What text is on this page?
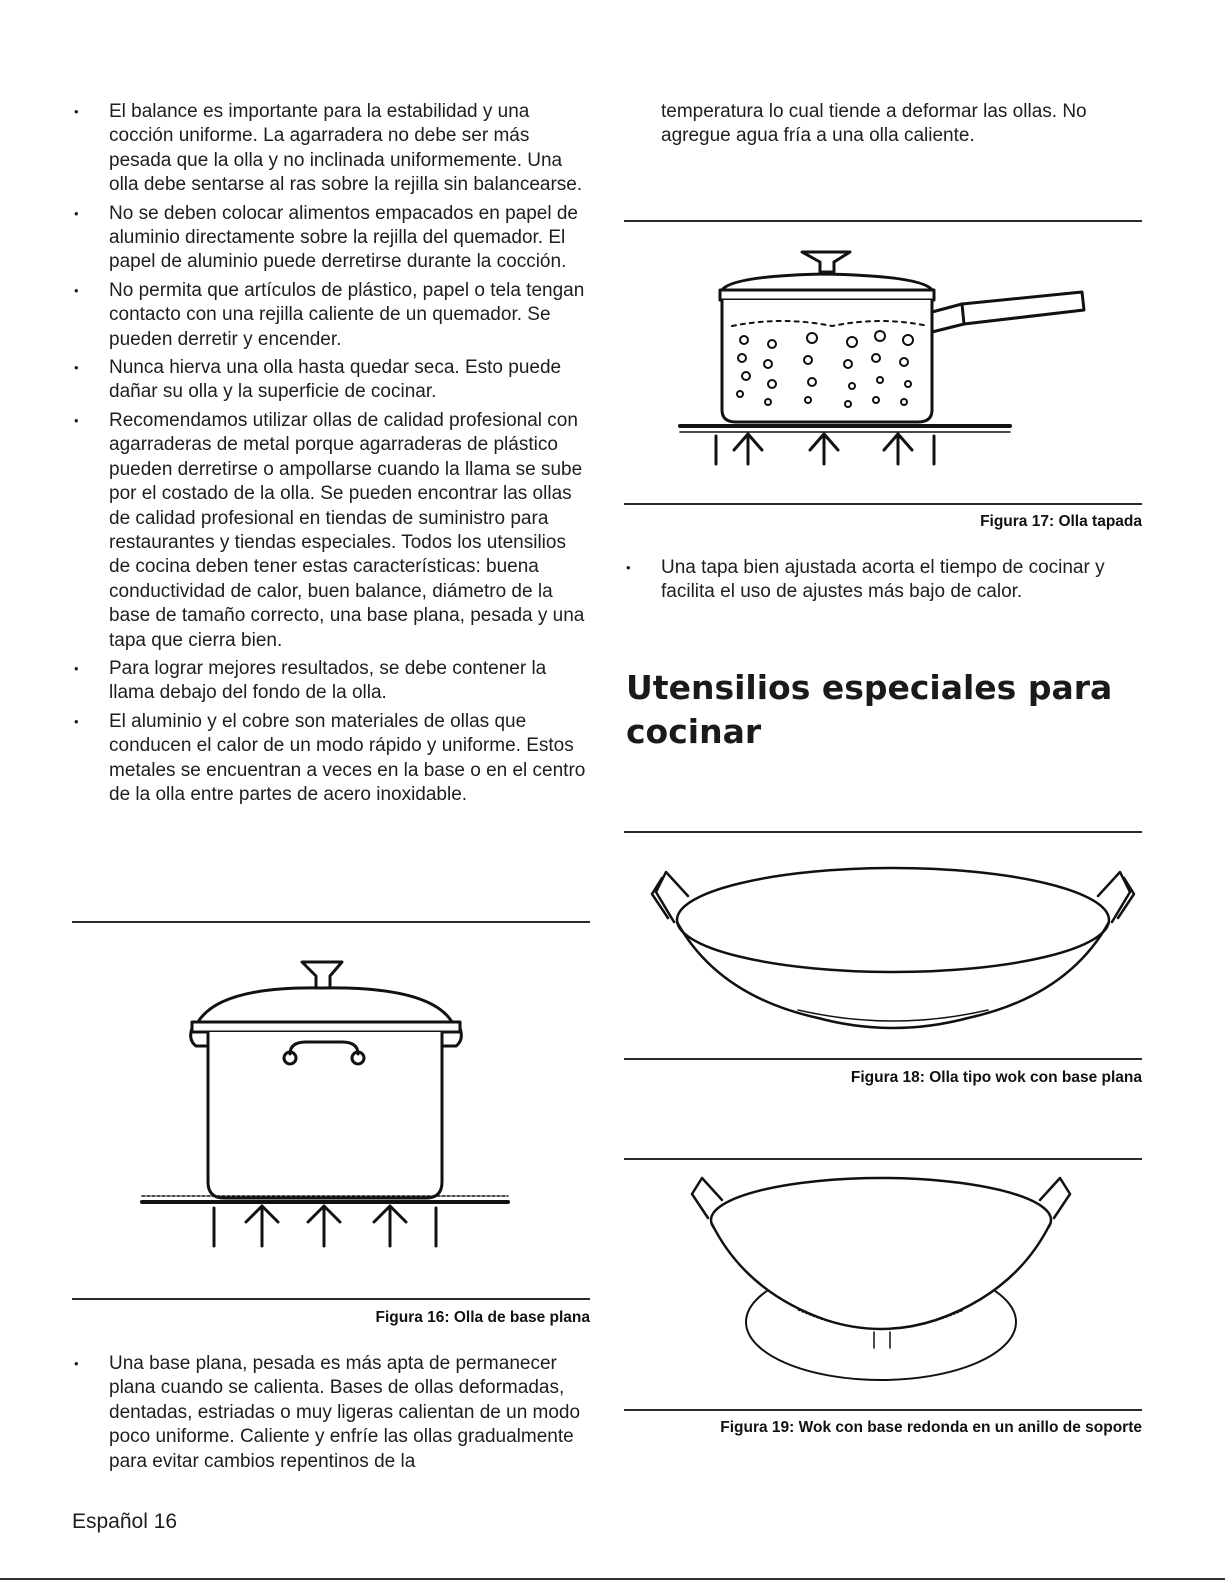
• El balance es importante para la estabilidad y una cocción uniforme. La agarradera no debe ser más pesada que la olla y no inclinada uniformemente. Una olla debe sentarse al ras sobre la rejilla sin balancearse.
• No se deben colocar alimentos empacados en papel de aluminio directamente sobre la rejilla del quemador. El papel de aluminio puede derretirse durante la cocción.
• No permita que artículos de plástico, papel o tela tengan contacto con una rejilla caliente de un quemador. Se pueden derretir y encender.
• Nunca hierva una olla hasta quedar seca. Esto puede dañar su olla y la superficie de cocinar.
• Recomendamos utilizar ollas de calidad profesional con agarraderas de metal porque agarraderas de plástico pueden derretirse o ampollarse cuando la llama se sube por el costado de la olla. Se pueden encontrar las ollas de calidad profesional en tiendas de suministro para restaurantes y tiendas especiales. Todos los utensilios de cocina deben tener estas características: buena conductividad de calor, buen balance, diámetro de la base de tamaño correcto, una base plana, pesada y una tapa que cierra bien.
• Para lograr mejores resultados, se debe contener la llama debajo del fondo de la olla.
• El aluminio y el cobre son materiales de ollas que conducen el calor de un modo rápido y uniforme. Estos metales se encuentran a veces en la base o en el centro de la olla entre partes de acero inoxidable.
Figura 16: Olla de base plana
• Una base plana, pesada es más apta de permanecer plana cuando se calienta. Bases de ollas deformadas, dentadas, estriadas o muy ligeras calientan de un modo poco uniforme. Caliente y enfríe las ollas gradualmente para evitar cambios repentinos de la

temperatura lo cual tiende a deformar las ollas. No agregue agua fría a una olla caliente.

Figura 17: Olla tapada
• Una tapa bien ajustada acorta el tiempo de cocinar y facilita el uso de ajustes más bajo de calor.
Utensilios especiales para cocinar
Figura 18: Olla tipo wok con base plana
Figura 19: Wok con base redonda en un anillo de soporte
Español 16
